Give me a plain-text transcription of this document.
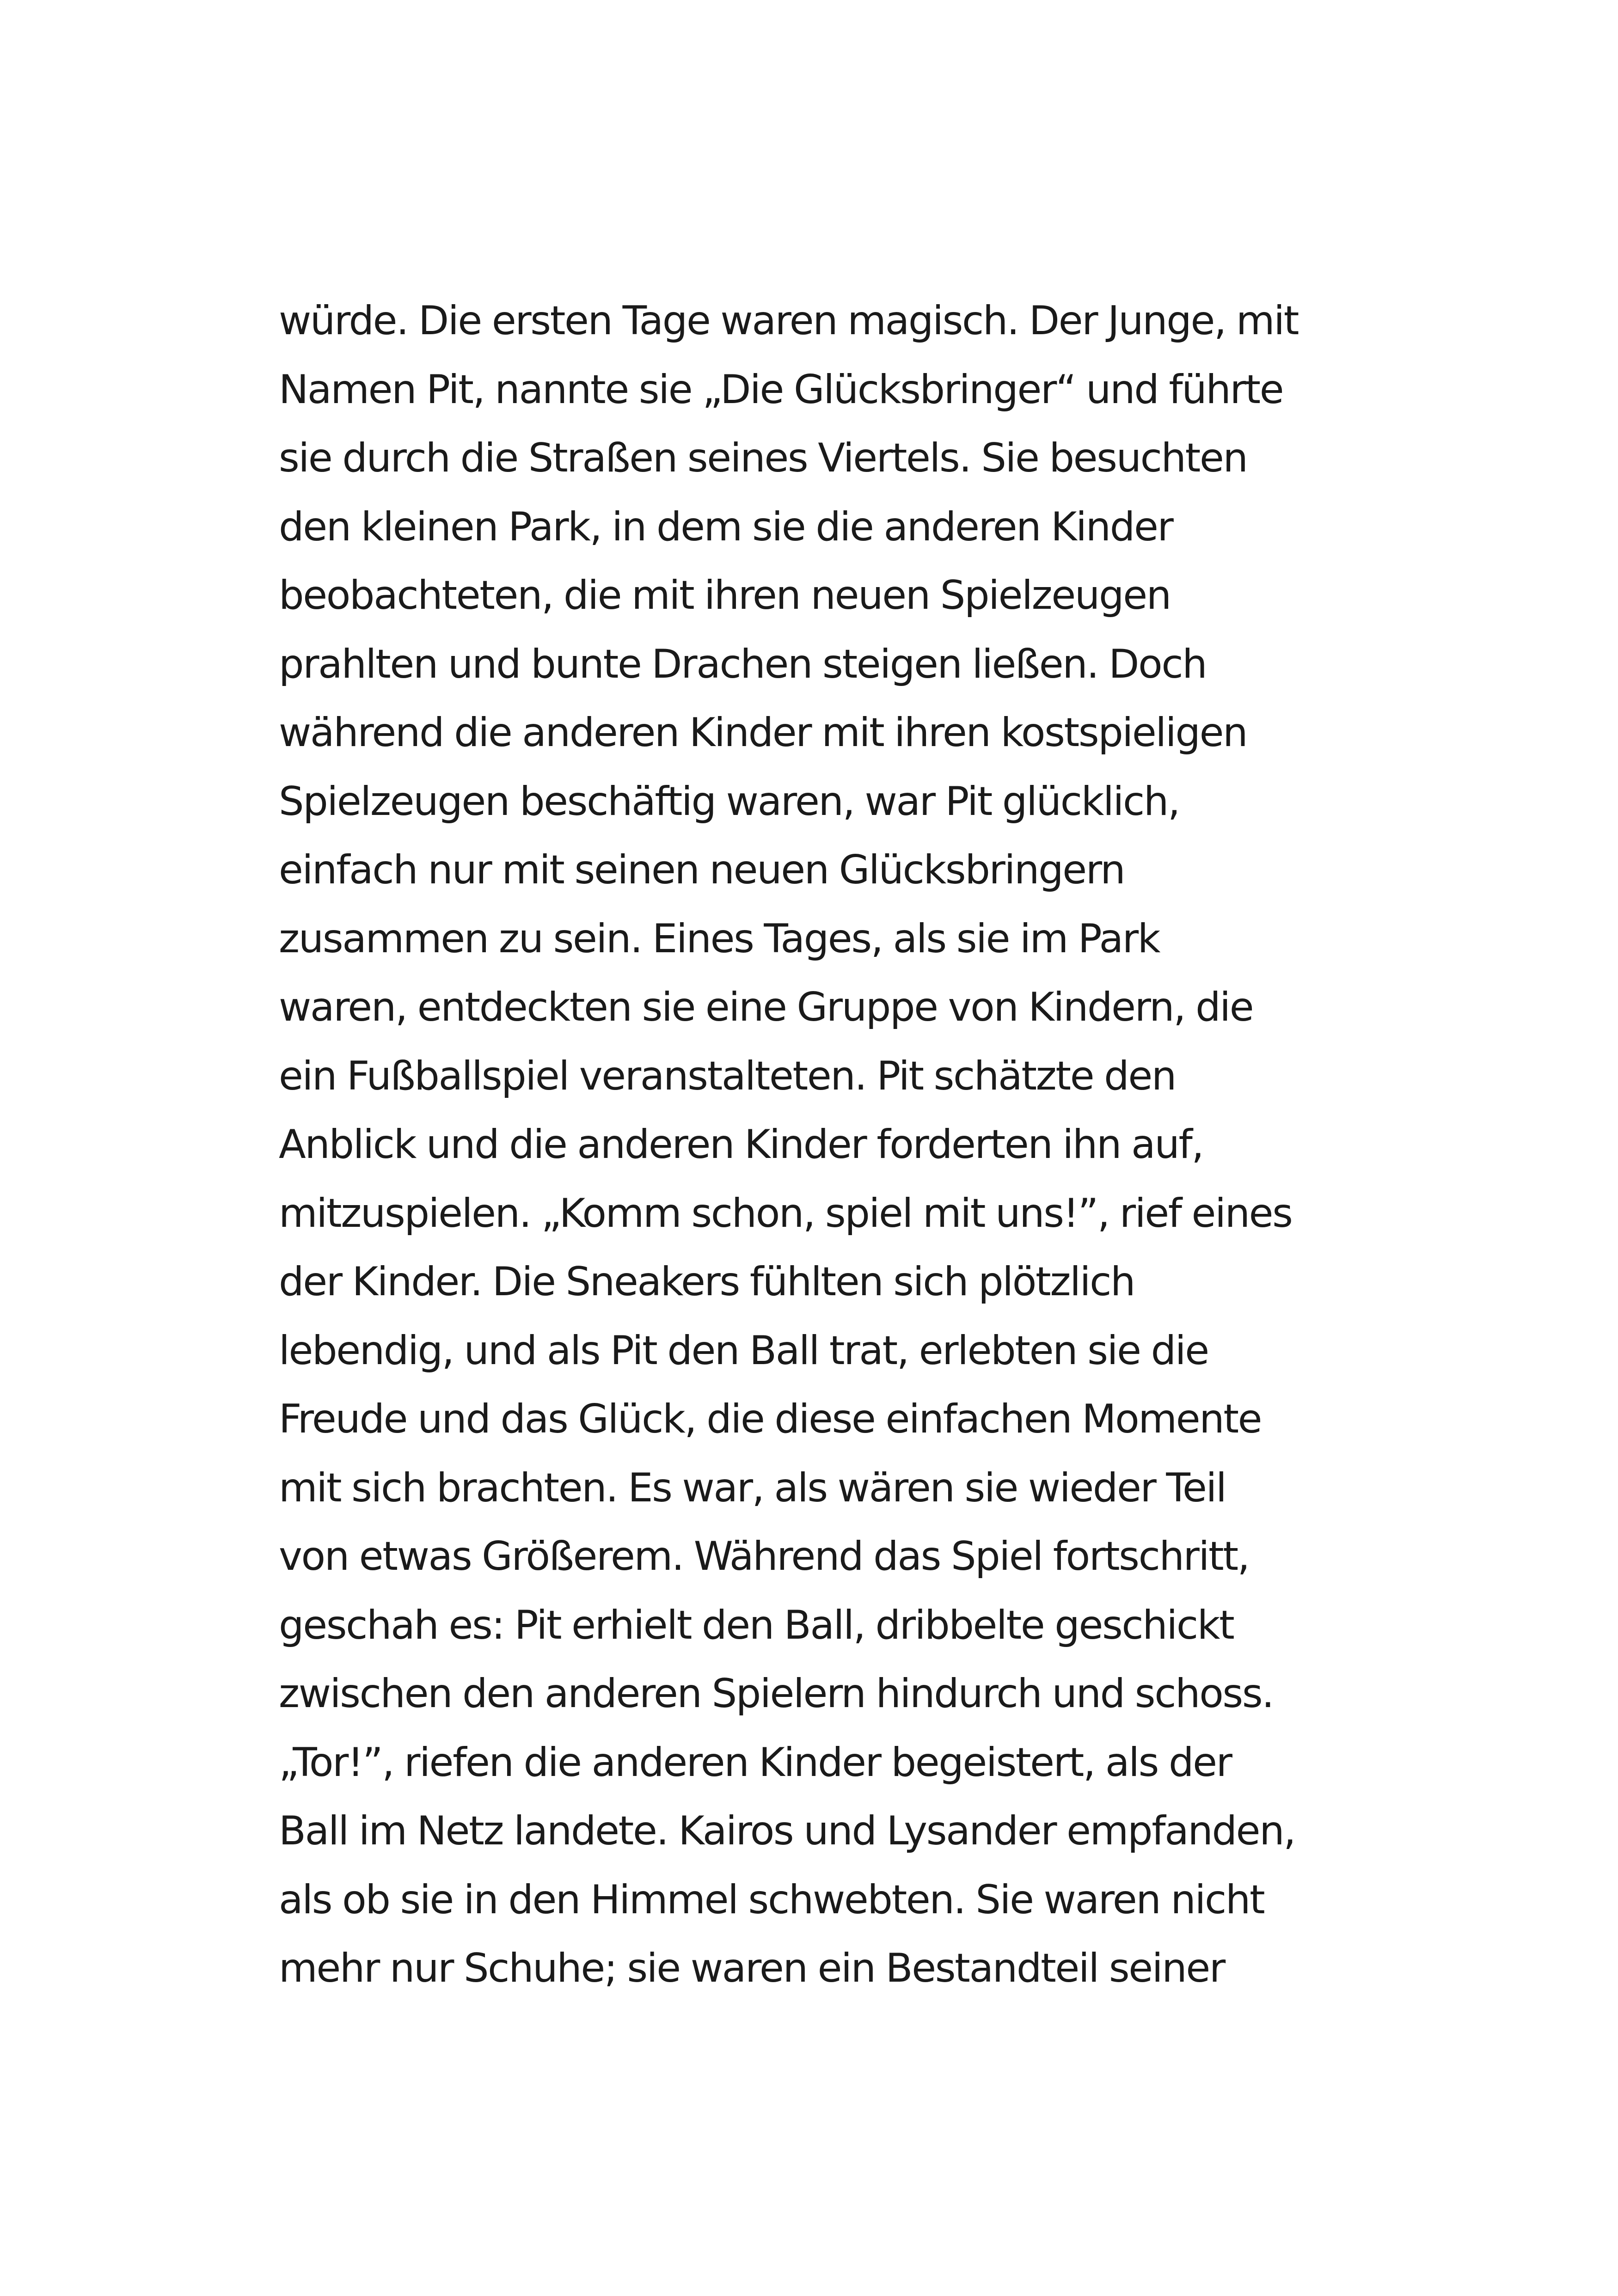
würde. Die ersten Tage waren magisch. Der Junge, mit
Namen Pit, nannte sie „Die Glücksbringer“ und führte
sie durch die Straßen seines Viertels. Sie besuchten
den kleinen Park, in dem sie die anderen Kinder
beobachteten, die mit ihren neuen Spielzeugen
prahlten und bunte Drachen steigen ließen. Doch
während die anderen Kinder mit ihren kostspieligen
Spielzeugen beschäftig waren, war Pit glücklich,
einfach nur mit seinen neuen Glücksbringern
zusammen zu sein. Eines Tages, als sie im Park
waren, entdeckten sie eine Gruppe von Kindern, die
ein Fußballspiel veranstalteten. Pit schätzte den
Anblick und die anderen Kinder forderten ihn auf,
mitzuspielen. „Komm schon, spiel mit uns!”, rief eines
der Kinder. Die Sneakers fühlten sich plötzlich
lebendig, und als Pit den Ball trat, erlebten sie die
Freude und das Glück, die diese einfachen Momente
mit sich brachten. Es war, als wären sie wieder Teil
von etwas Größerem. Während das Spiel fortschritt,
geschah es: Pit erhielt den Ball, dribbelte geschickt
zwischen den anderen Spielern hindurch und schoss.
„Tor!”, riefen die anderen Kinder begeistert, als der
Ball im Netz landete. Kairos und Lysander empfanden,
als ob sie in den Himmel schwebten. Sie waren nicht
mehr nur Schuhe; sie waren ein Bestandteil seiner
